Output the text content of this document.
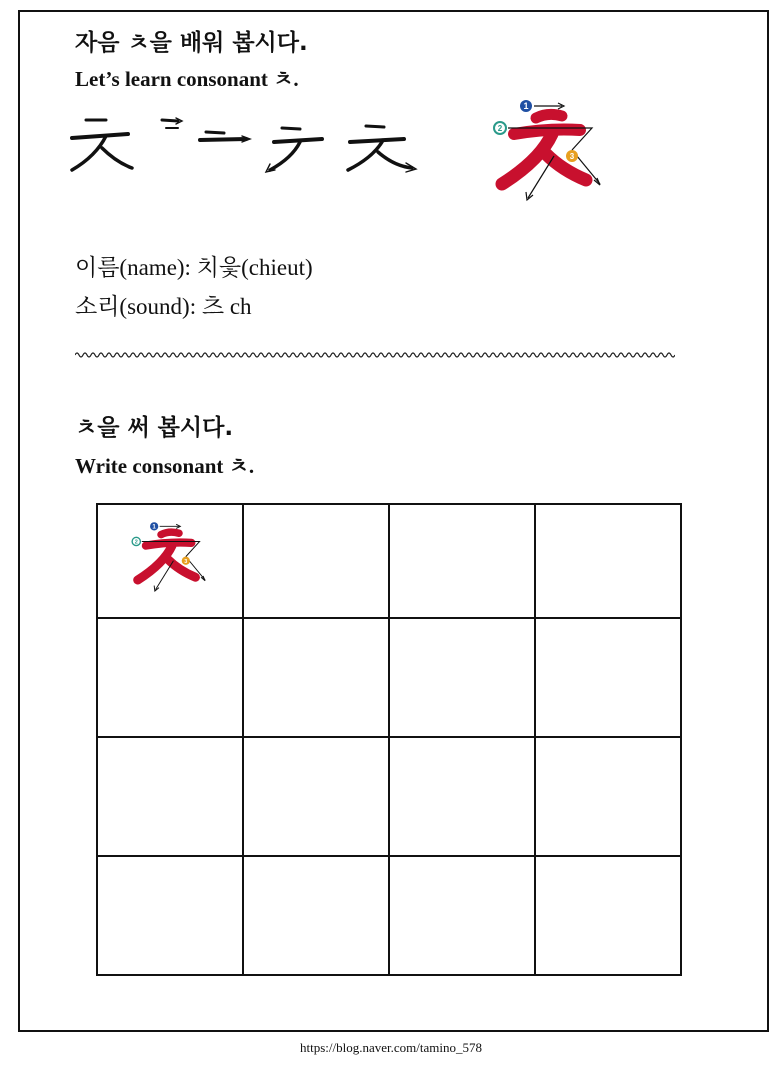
자음 ㅊ을 배워 봅시다.
Let’s learn consonant ㅊ.
1
2
3
이름(name): 치읓(chieut)
소리(sound): 츠 ch
ㅊ을 써 봅시다.
Write consonant ㅊ.
1
2
3			

https://blog.naver.com/tamino_578
